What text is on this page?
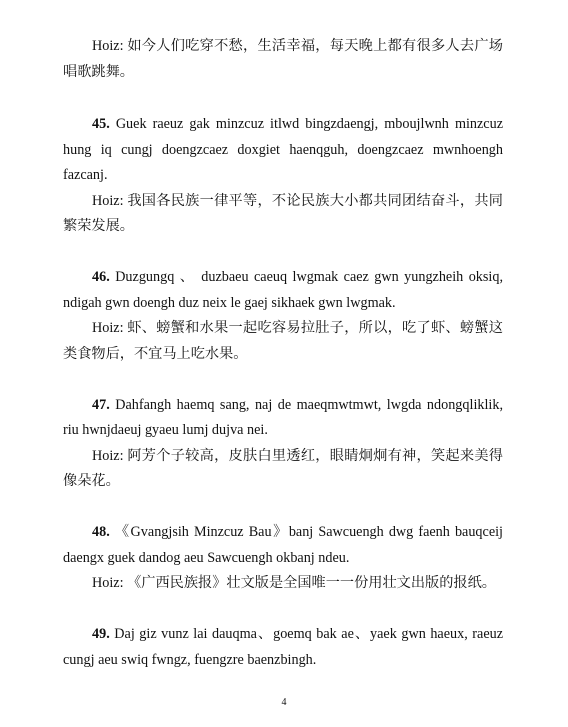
Hoiz: 如今人们吃穿不愁，生活幸福，每天晚上都有很多人去广场
唱歌跳舞。
45. Guek raeuz gak minzcuz itlwd bingzdaengj, mboujlwnh minzcuz
hung iq cungj doengzcaez doxgiet haenqguh, doengzcaez mwnhoengh
fazcanj.
Hoiz: 我国各民族一律平等，不论民族大小都共同团结奋斗，共同
繁荣发展。
46. Duzgungq 、 duzbaeu caeuq lwgmak caez gwn yungzheih oksiq,
ndigah gwn doengh duz neix le gaej sikhaek gwn lwgmak.
Hoiz: 虾、螃蟹和水果一起吃容易拉肚子，所以，吃了虾、螃蟹这
类食物后，不宜马上吃水果。
47. Dahfangh haemq sang, naj de maeqmwtmwt, lwgda ndongqliklik,
riu hwnjdaeuj gyaeu lumj dujva nei.
Hoiz: 阿芳个子较高，皮肤白里透红，眼睛炯炯有神，笑起来美得
像朵花。
48. 《Gvangjsih Minzcuz Bau》banj Sawcuengh dwg faenh bauqceij
daengx guek dandog aeu Sawcuengh okbanj ndeu.
Hoiz: 《广西民族报》壮文版是全国唯一一份用壮文出版的报纸。
49. Daj giz vunz lai dauqma、goemq bak ae、yaek gwn haeux, raeuz
cungj aeu swiq fwngz, fuengzre baenzbingh.
4
